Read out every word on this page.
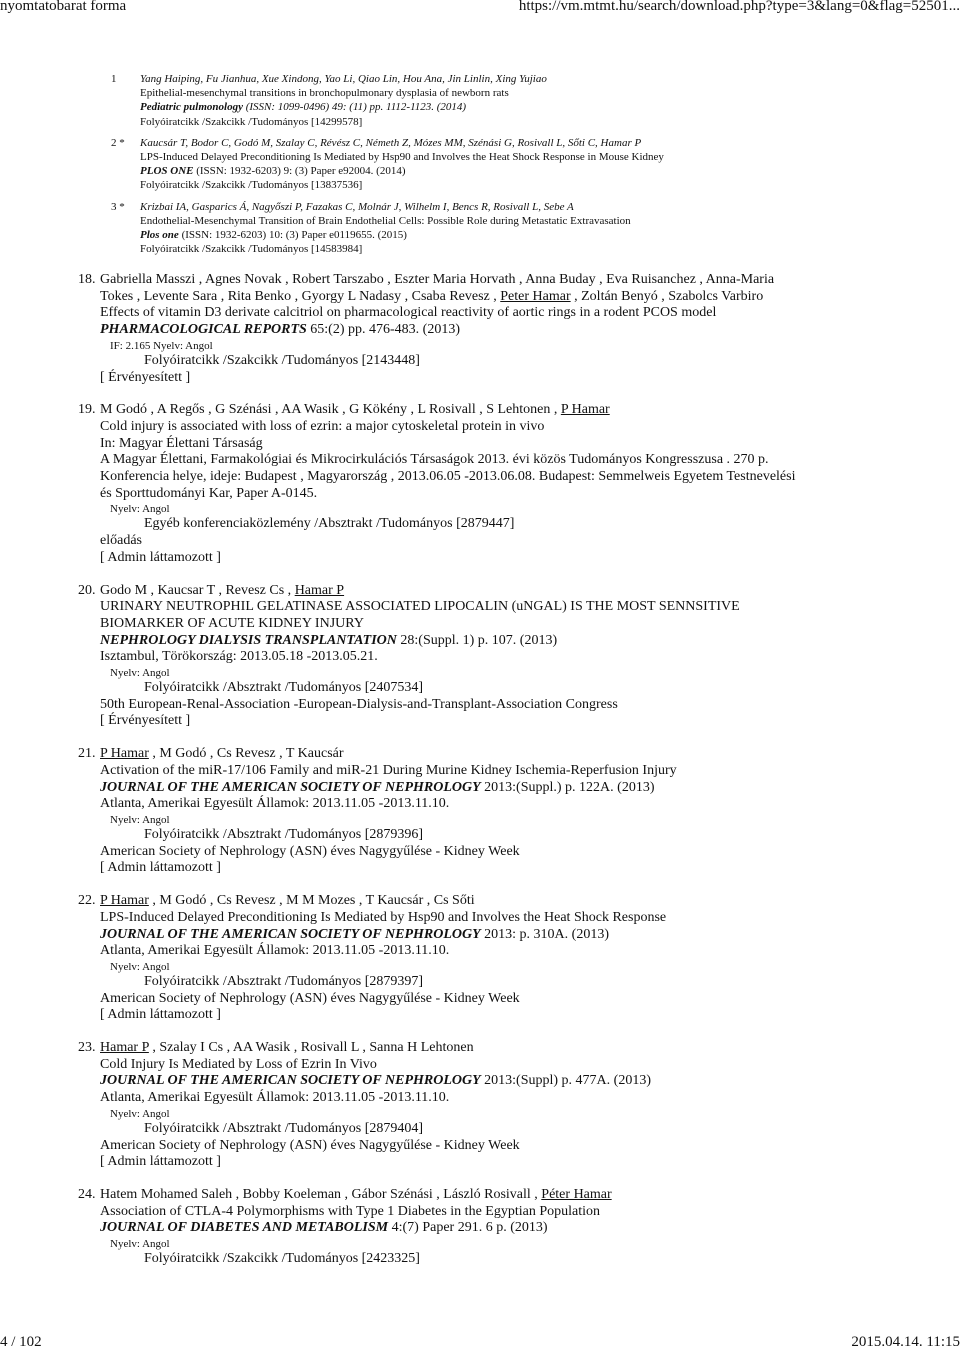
nyomtatobarat forma	https://vm.mtmt.hu/search/download.php?type=3&lang=0&flag=52501...
1 Yang Haiping, Fu Jianhua, Xue Xindong, Yao Li, Qiao Lin, Hou Ana, Jin Linlin, Xing Yujiao
Epithelial-mesenchymal transitions in bronchopulmonary dysplasia of newborn rats
Pediatric pulmonology (ISSN: 1099-0496) 49: (11) pp. 1112-1123. (2014)
Folyóiratcikk /Szakcikk /Tudományos [14299578]
2 * Kaucsár T, Bodor C, Godó M, Szalay C, Révész C, Németh Z, Mózes MM, Szénási G, Rosivall L, Sőti C, Hamar P
LPS-Induced Delayed Preconditioning Is Mediated by Hsp90 and Involves the Heat Shock Response in Mouse Kidney
PLOS ONE (ISSN: 1932-6203) 9: (3) Paper e92004. (2014)
Folyóiratcikk /Szakcikk /Tudományos [13837536]
3 * Krizbai IA, Gasparics Á, Nagyőszi P, Fazakas C, Molnár J, Wilhelm I, Bencs R, Rosivall L, Sebe A
Endothelial-Mesenchymal Transition of Brain Endothelial Cells: Possible Role during Metastatic Extravasation
Plos one (ISSN: 1932-6203) 10: (3) Paper e0119655. (2015)
Folyóiratcikk /Szakcikk /Tudományos [14583984]
18. Gabriella Masszi , Agnes Novak , Robert Tarszabo , Eszter Maria Horvath , Anna Buday , Eva Ruisanchez , Anna-Maria
Tokes , Levente Sara , Rita Benko , Gyorgy L Nadasy , Csaba Revesz , Peter Hamar , Zoltán Benyó , Szabolcs Varbiro
Effects of vitamin D3 derivate calcitriol on pharmacological reactivity of aortic rings in a rodent PCOS model
PHARMACOLOGICAL REPORTS 65:(2) pp. 476-483. (2013)
IF: 2.165 Nyelv: Angol
Folyóiratcikk /Szakcikk /Tudományos [2143448]
[ Érvényesített ]
19. M Godó , A Regős , G Szénási , AA Wasik , G Kökény , L Rosivall , S Lehtonen , P Hamar
Cold injury is associated with loss of ezrin: a major cytoskeletal protein in vivo
In: Magyar Élettani Társaság
A Magyar Élettani, Farmakológiai és Mikrocirkulációs Társaságok 2013. évi közös Tudományos Kongresszusa . 270 p.
Konferencia helye, ideje: Budapest , Magyarország , 2013.06.05 -2013.06.08. Budapest: Semmelweis Egyetem Testnevelési
és Sporttudományi Kar, Paper A-0145.
Nyelv: Angol
Egyéb konferenciaközlemény /Absztrakt /Tudományos [2879447]
előadás
[ Admin láttamozott ]
20. Godo M , Kaucsar T , Revesz Cs , Hamar P
URINARY NEUTROPHIL GELATINASE ASSOCIATED LIPOCALIN (uNGAL) IS THE MOST SENNSITIVE
BIOMARKER OF ACUTE KIDNEY INJURY
NEPHROLOGY DIALYSIS TRANSPLANTATION 28:(Suppl. 1) p. 107. (2013)
Isztambul, Törökország: 2013.05.18 -2013.05.21.
Nyelv: Angol
Folyóiratcikk /Absztrakt /Tudományos [2407534]
50th European-Renal-Association -European-Dialysis-and-Transplant-Association Congress
[ Érvényesített ]
21. P Hamar , M Godó , Cs Revesz , T Kaucsár
Activation of the miR-17/106 Family and miR-21 During Murine Kidney Ischemia-Reperfusion Injury
JOURNAL OF THE AMERICAN SOCIETY OF NEPHROLOGY 2013:(Suppl.) p. 122A. (2013)
Atlanta, Amerikai Egyesült Államok: 2013.11.05 -2013.11.10.
Nyelv: Angol
Folyóiratcikk /Absztrakt /Tudományos [2879396]
American Society of Nephrology (ASN) éves Nagygyűlése - Kidney Week
[ Admin láttamozott ]
22. P Hamar , M Godó , Cs Revesz , M M Mozes , T Kaucsár , Cs Sőti
LPS-Induced Delayed Preconditioning Is Mediated by Hsp90 and Involves the Heat Shock Response
JOURNAL OF THE AMERICAN SOCIETY OF NEPHROLOGY 2013: p. 310A. (2013)
Atlanta, Amerikai Egyesült Államok: 2013.11.05 -2013.11.10.
Nyelv: Angol
Folyóiratcikk /Absztrakt /Tudományos [2879397]
American Society of Nephrology (ASN) éves Nagygyűlése - Kidney Week
[ Admin láttamozott ]
23. Hamar P , Szalay I Cs , AA Wasik , Rosivall L , Sanna H Lehtonen
Cold Injury Is Mediated by Loss of Ezrin In Vivo
JOURNAL OF THE AMERICAN SOCIETY OF NEPHROLOGY 2013:(Suppl) p. 477A. (2013)
Atlanta, Amerikai Egyesült Államok: 2013.11.05 -2013.11.10.
Nyelv: Angol
Folyóiratcikk /Absztrakt /Tudományos [2879404]
American Society of Nephrology (ASN) éves Nagygyűlése - Kidney Week
[ Admin láttamozott ]
24. Hatem Mohamed Saleh , Bobby Koeleman , Gábor Szénási , László Rosivall , Péter Hamar
Association of CTLA-4 Polymorphisms with Type 1 Diabetes in the Egyptian Population
JOURNAL OF DIABETES AND METABOLISM 4:(7) Paper 291. 6 p. (2013)
Nyelv: Angol
Folyóiratcikk /Szakcikk /Tudományos [2423325]
4 / 102	2015.04.14. 11:15
